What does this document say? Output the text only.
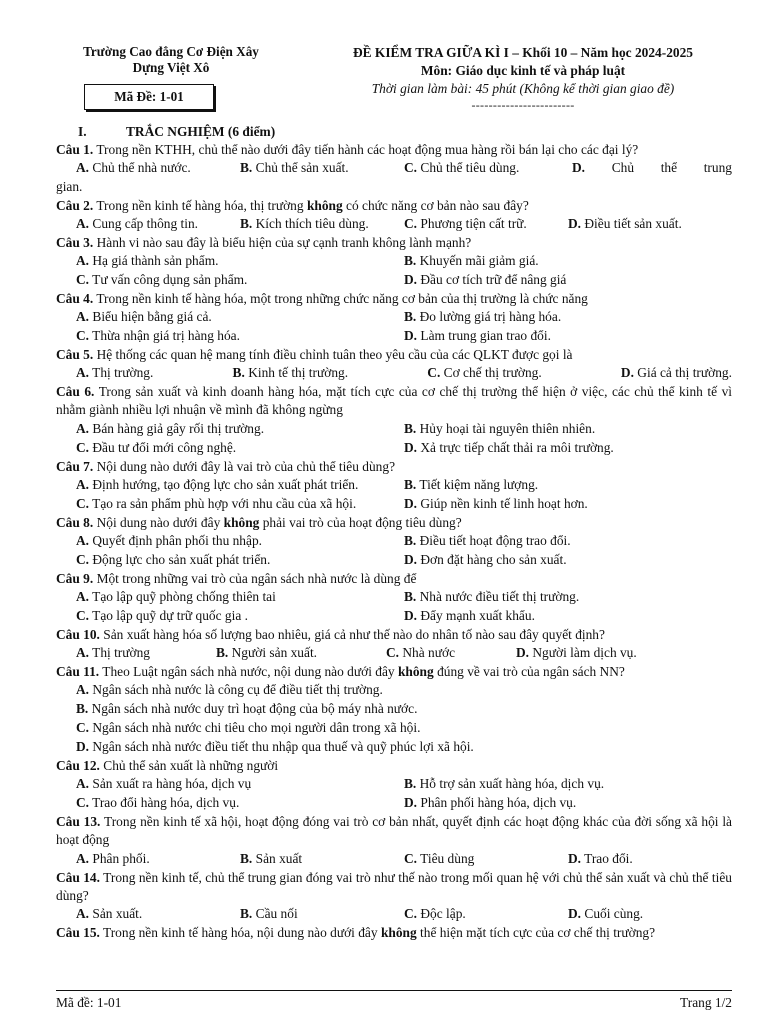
Trường Cao đẳng Cơ Điện Xây
Dựng Việt Xô
Mã Đề: 1-01
ĐỀ KIỂM TRA GIỮA KÌ I – Khối 10 – Năm học 2024-2025
Môn: Giáo dục kinh tế và pháp luật
Thời gian làm bài: 45 phút (Không kể thời gian giao đề)
------------------------
I.	TRẮC NGHIỆM (6 điểm)
Câu 1. Trong nền KTHH, chủ thể nào dưới đây tiến hành các hoạt động mua hàng rồi bán lại cho các đại lý?
A. Chủ thể nhà nước.	B. Chủ thể sản xuất.	C. Chủ thể tiêu dùng.	D. Chủ thể trung
gian.
Câu 2. Trong nền kinh tế hàng hóa, thị trường không có chức năng cơ bản nào sau đây?
A. Cung cấp thông tin.	B. Kích thích tiêu dùng.	C. Phương tiện cất trữ.	D. Điều tiết sản xuất.
Câu 3. Hành vi nào sau đây là biểu hiện của sự cạnh tranh không lành mạnh?
A. Hạ giá thành sản phẩm.	B. Khuyến mãi giảm giá.
C. Tư vấn công dụng sản phẩm.	D. Đầu cơ tích trữ để nâng giá
Câu 4. Trong nền kinh tế hàng hóa, một trong những chức năng cơ bản của thị trường là chức năng
A. Biểu hiện bằng giá cả.	B. Đo lường giá trị hàng hóa.
C. Thừa nhận giá trị hàng hóa.	D. Làm trung gian trao đổi.
Câu 5. Hệ thống các quan hệ mang tính điều chỉnh tuân theo yêu cầu của các QLKT được gọi là
A. Thị trường.	B. Kinh tế thị trường.	C. Cơ chế thị trường.	D. Giá cả thị trường.
Câu 6. Trong sản xuất và kinh doanh hàng hóa, mặt tích cực của cơ chế thị trường thể hiện ở việc, các chủ thể kinh tế vì nhằm giành nhiều lợi nhuận về mình đã không ngừng
A. Bán hàng giả gây rối thị trường.	B. Hủy hoại tài nguyên thiên nhiên.
C. Đầu tư đổi mới công nghệ.	D. Xả trực tiếp chất thải ra môi trường.
Câu 7. Nội dung nào dưới đây là vai trò của chủ thể tiêu dùng?
A. Định hướng, tạo động lực cho sản xuất phát triển.	B. Tiết kiệm năng lượng.
C. Tạo ra sản phẩm phù hợp với nhu cầu của xã hội.	D. Giúp nền kinh tế linh hoạt hơn.
Câu 8. Nội dung nào dưới đây không phải vai trò của hoạt động tiêu dùng?
A. Quyết định phân phối thu nhập.	B. Điều tiết hoạt động trao đổi.
C. Động lực cho sản xuất phát triển.	D. Đơn đặt hàng cho sản xuất.
Câu 9. Một trong những vai trò của ngân sách nhà nước là dùng để
A. Tạo lập quỹ phòng chống thiên tai	B. Nhà nước điều tiết thị trường.
C. Tạo lập quỹ dự trữ quốc gia .	D. Đẩy mạnh xuất khẩu.
Câu 10. Sản xuất hàng hóa số lượng bao nhiêu, giá cả như thế nào do nhân tố nào sau đây quyết định?
A. Thị trường	B. Người sản xuất.	C. Nhà nước	D. Người làm dịch vụ.
Câu 11. Theo Luật ngân sách nhà nước, nội dung nào dưới đây không đúng về vai trò của ngân sách NN?
A. Ngân sách nhà nước là công cụ để điều tiết thị trường.
B. Ngân sách nhà nước duy trì hoạt động của bộ máy nhà nước.
C. Ngân sách nhà nước chi tiêu cho mọi người dân trong xã hội.
D. Ngân sách nhà nước điều tiết thu nhập qua thuế và quỹ phúc lợi xã hội.
Câu 12. Chủ thể sản xuất là những người
A. Sản xuất ra hàng hóa, dịch vụ	B. Hỗ trợ sản xuất hàng hóa, dịch vụ.
C. Trao đổi hàng hóa, dịch vụ.	D. Phân phối hàng hóa, dịch vụ.
Câu 13. Trong nền kinh tế xã hội, hoạt động đóng vai trò cơ bản nhất, quyết định các hoạt động khác của đời sống xã hội là hoạt động
A. Phân phối.	B. Sản xuất	C. Tiêu dùng	D. Trao đổi.
Câu 14. Trong nền kinh tế, chủ thể trung gian đóng vai trò như thế nào trong mối quan hệ với chủ thể sản xuất và chủ thể tiêu dùng?
A. Sản xuất.	B. Cầu nối	C. Độc lập.	D. Cuối cùng.
Câu 15. Trong nền kinh tế hàng hóa, nội dung nào dưới đây không thể hiện mặt tích cực của cơ chế thị trường?
Mã đề: 1-01	Trang 1/2
